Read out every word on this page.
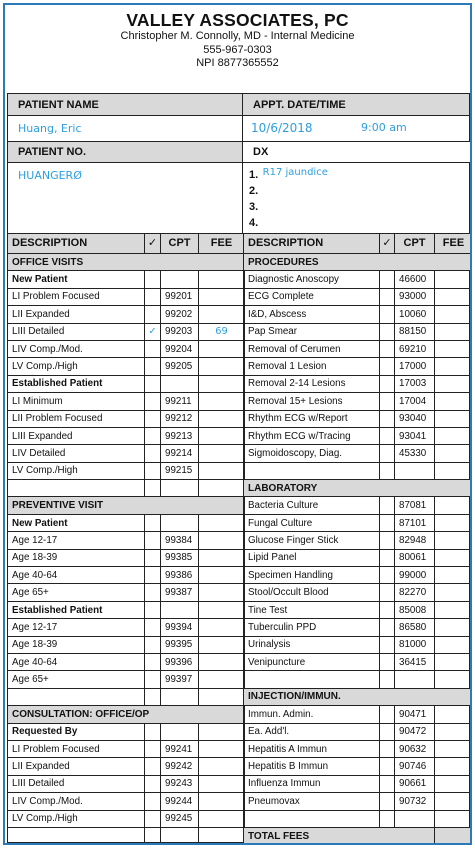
VALLEY ASSOCIATES, PC
Christopher M. Connolly, MD - Internal Medicine
555-967-0303
NPI 8877365552
PATIENT NAME	APPT. DATE/TIME
Huang, Eric	10/6/2018	9:00 am
PATIENT NO.	DX
HUANGERØ	1. R17 jaundice
2.
3.
4.
DESCRIPTION	✓	CPT	FEE
OFFICE VISITS			
New Patient			
LI Problem Focused		99201	
LII Expanded		99202	
LIII Detailed	✓	99203	69
LIV Comp./Mod.		99204	
LV Comp./High		99205	
Established Patient			
LI Minimum		99211	
LII Problem Focused		99212	
LIII Expanded		99213	
LIV Detailed		99214	
LV Comp./High		99215	

PREVENTIVE VISIT			
New Patient			
Age 12-17		99384	
Age 18-39		99385	
Age 40-64		99386	
Age 65+		99387	
Established Patient			
Age 12-17		99394	
Age 18-39		99395	
Age 40-64		99396	
Age 65+		99397	

CONSULTATION: OFFICE/OP			
Requested By			
LI Problem Focused		99241	
LII Expanded		99242	
LIII Detailed		99243	
LIV Comp./Mod.		99244	
LV Comp./High		99245	

DESCRIPTION	✓	CPT	FEE
PROCEDURES			
Diagnostic Anoscopy		46600	
ECG Complete		93000	
I&D, Abscess		10060	
Pap Smear		88150	
Removal of Cerumen		69210	
Removal 1 Lesion		17000	
Removal 2-14 Lesions		17003	
Removal 15+ Lesions		17004	
Rhythm ECG w/Report		93040	
Rhythm ECG w/Tracing		93041	
Sigmoidoscopy, Diag.		45330	

LABORATORY			
Bacteria Culture		87081	
Fungal Culture		87101	
Glucose Finger Stick		82948	
Lipid Panel		80061	
Specimen Handling		99000	
Stool/Occult Blood		82270	
Tine Test		85008	
Tuberculin PPD		86580	
Urinalysis		81000	
Venipuncture		36415	

INJECTION/IMMUN.			
Immun. Admin.		90471	
Ea. Add'l.		90472	
Hepatitis A Immun		90632	
Hepatitis B Immun		90746	
Influenza Immun		90661	
Pneumovax		90732	

TOTAL FEES			
